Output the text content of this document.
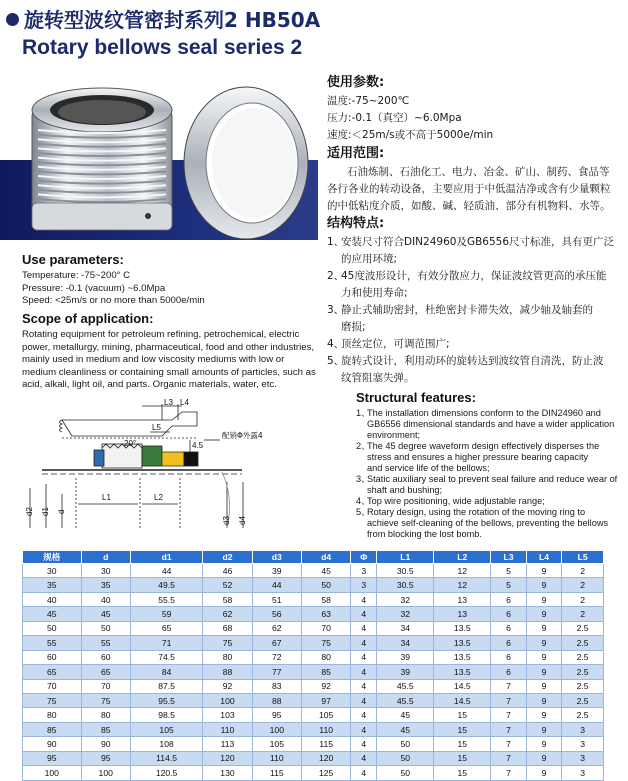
旋转型波纹管密封系列2 HB50A
Rotary bellows seal series 2
使用参数:
温度:-75~200℃
压力:-0.1（真空）~6.0Mpa
速度:＜25m/s或不高于5000e/min
适用范围:
石油炼制、石油化工、电力、冶金、矿山、制药、食品等
各行各业的转动设备，主要应用于中低温洁净或含有少量颗粒
的中低粘度介质，如酸、碱、轻质油、部分有机物料、水等。
结构特点:
1、
安装尺寸符合DIN24960及GB6556尺寸标准，具有更广泛
的应用环境;
2、
45度波形设计，有效分散应力，保证波纹管更高的承压能
力和使用寿命;
3、
静止式辅助密封，杜绝密封卡滞失效，减少轴及轴套的
磨损;
4、
顶丝定位，可调范围广;
5、
旋转式设计，利用动环的旋转达到波纹管自清洗，防止波
纹管阻塞失弹。
Use parameters:
Temperature: -75~200° C
Pressure: -0.1 (vacuum) ~6.0Mpa
Speed: <25m/s or no more than 5000e/min
Scope of application:
Rotating equipment for petroleum refining, petrochemical, electric
power, metallurgy, mining, pharmaceutical, food and other industries,
mainly used in medium and low viscosity mediums with low or
medium cleanliness or containing small amounts of particles, such as
acid, alkali, light oil, and parts. Organic materials, water, etc.
Structural features:
1、
The installation dimensions conform to the DIN24960 and
GB6556 dimensional standards and have a wider application
environment;
2、
The 45 degree waveform design effectively disperses the
stress and ensures a higher pressure bearing capacity
and service life of the bellows;
3、
Static auxiliary seal to prevent seal failure and reduce wear of
shaft and bushing;
4、
Top wire positioning, wide adjustable range;
5、
Rotary design, using the rotation of the moving ring to
achieve self-cleaning of the bellows, preventing the bellows
from blocking the lost bomb.
L3 L4
L5
20°	4.5
配销Φ外露4
L1	L2
d2 d1 d
d3 d4
规格	d	d1	d2	d3	d4	Φ	L1	L2	L3	L4	L5
30	30	44	46	39	45	3	30.5	12	5	9	2
35	35	49.5	52	44	50	3	30.5	12	5	9	2
40	40	55.5	58	51	58	4	32	13	6	9	2
45	45	59	62	56	63	4	32	13	6	9	2
50	50	65	68	62	70	4	34	13.5	6	9	2.5
55	55	71	75	67	75	4	34	13.5	6	9	2.5
60	60	74.5	80	72	80	4	39	13.5	6	9	2.5
65	65	84	88	77	85	4	39	13.5	6	9	2.5
70	70	87.5	92	83	92	4	45.5	14.5	7	9	2.5
75	75	95.5	100	88	97	4	45.5	14.5	7	9	2.5
80	80	98.5	103	95	105	4	45	15	7	9	2.5
85	85	105	110	100	110	4	45	15	7	9	3
90	90	108	113	105	115	4	50	15	7	9	3
95	95	114.5	120	110	120	4	50	15	7	9	3
100	100	120.5	130	115	125	4	50	15	7	9	3
